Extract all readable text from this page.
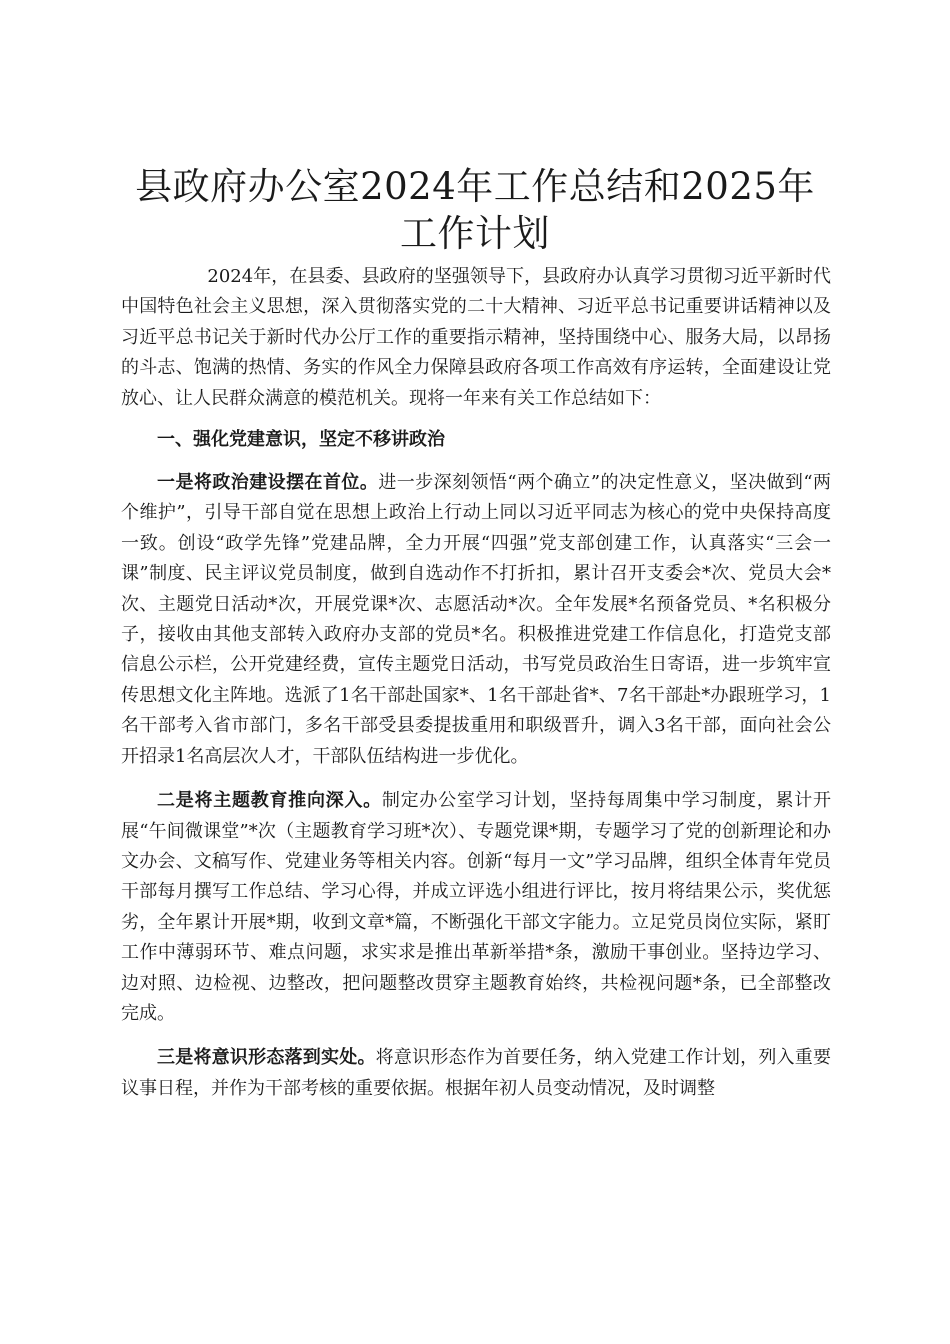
县政府办公室2024年工作总结和2025年工作计划

2024年，在县委、县政府的坚强领导下，县政府办认真学习贯彻习近平新时代中国特色社会主义思想，深入贯彻落实党的二十大精神、习近平总书记重要讲话精神以及习近平总书记关于新时代办公厅工作的重要指示精神，坚持围绕中心、服务大局，以昂扬的斗志、饱满的热情、务实的作风全力保障县政府各项工作高效有序运转，全面建设让党放心、让人民群众满意的模范机关。现将一年来有关工作总结如下：

一、强化党建意识，坚定不移讲政治

一是将政治建设摆在首位。进一步深刻领悟“两个确立”的决定性意义，坚决做到“两个维护”，引导干部自觉在思想上政治上行动上同以习近平同志为核心的党中央保持高度一致。创设“政学先锋”党建品牌，全力开展“四强”党支部创建工作，认真落实“三会一课”制度、民主评议党员制度，做到自选动作不打折扣，累计召开支委会*次、党员大会*次、主题党日活动*次，开展党课*次、志愿活动*次。全年发展*名预备党员、*名积极分子，接收由其他支部转入政府办支部的党员*名。积极推进党建工作信息化，打造党支部信息公示栏，公开党建经费，宣传主题党日活动，书写党员政治生日寄语，进一步筑牢宣传思想文化主阵地。选派了1名干部赴国家*、1名干部赴省*、7名干部赴*办跟班学习，1名干部考入省市部门，多名干部受县委提拔重用和职级晋升，调入3名干部，面向社会公开招录1名高层次人才，干部队伍结构进一步优化。

二是将主题教育推向深入。制定办公室学习计划，坚持每周集中学习制度，累计开展“午间微课堂”*次（主题教育学习班*次）、专题党课*期，专题学习了党的创新理论和办文办会、文稿写作、党建业务等相关内容。创新“每月一文”学习品牌，组织全体青年党员干部每月撰写工作总结、学习心得，并成立评选小组进行评比，按月将结果公示，奖优惩劣，全年累计开展*期，收到文章*篇，不断强化干部文字能力。立足党员岗位实际，紧盯工作中薄弱环节、难点问题，求实求是推出革新举措*条，激励干事创业。坚持边学习、边对照、边检视、边整改，把问题整改贯穿主题教育始终，共检视问题*条，已全部整改完成。

三是将意识形态落到实处。将意识形态作为首要任务，纳入党建工作计划，列入重要议事日程，并作为干部考核的重要依据。根据年初人员变动情况，及时调整
